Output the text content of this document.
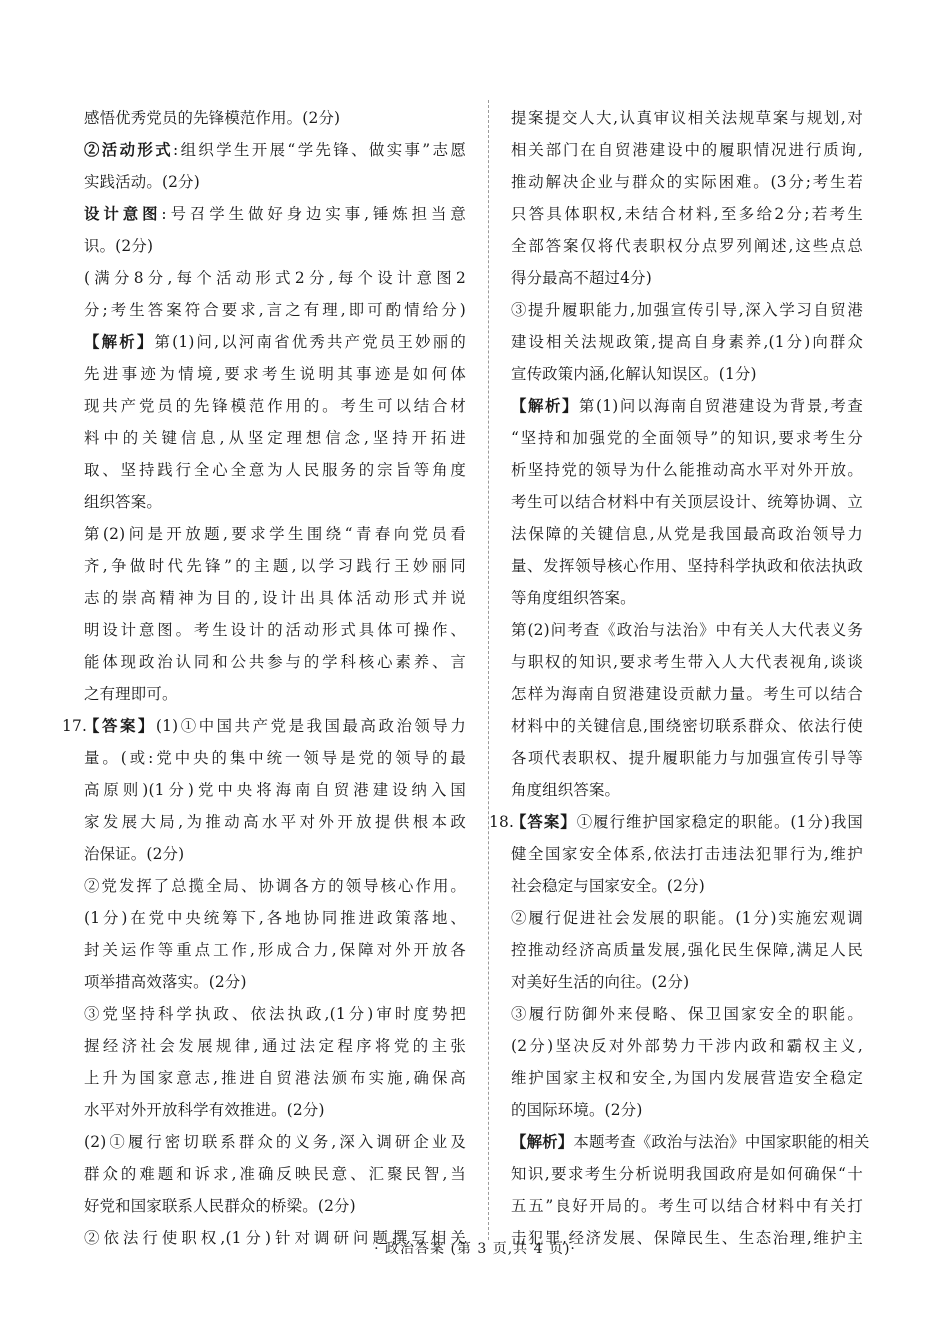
感悟优秀党员的先锋模范作用。(2分)
②活动形式:组织学生开展“学先锋、做实事”志愿
实践活动。(2分)
设计意图:号召学生做好身边实事,锤炼担当意
识。(2分)
(满分8分,每个活动形式2分,每个设计意图2
分;考生答案符合要求,言之有理,即可酌情给分)
【解析】第(1)问,以河南省优秀共产党员王妙丽的
先进事迹为情境,要求考生说明其事迹是如何体
现共产党员的先锋模范作用的。考生可以结合材
料中的关键信息,从坚定理想信念,坚持开拓进
取、坚持践行全心全意为人民服务的宗旨等角度
组织答案。
第(2)问是开放题,要求学生围绕“青春向党员看
齐,争做时代先锋”的主题,以学习践行王妙丽同
志的崇高精神为目的,设计出具体活动形式并说
明设计意图。考生设计的活动形式具体可操作、
能体现政治认同和公共参与的学科核心素养、言
之有理即可。
17.
【答案】(1)①中国共产党是我国最高政治领导力
量。(或:党中央的集中统一领导是党的领导的最
高原则)(1分)党中央将海南自贸港建设纳入国
家发展大局,为推动高水平对外开放提供根本政
治保证。(2分)
②党发挥了总揽全局、协调各方的领导核心作用。
(1分)在党中央统筹下,各地协同推进政策落地、
封关运作等重点工作,形成合力,保障对外开放各
项举措高效落实。(2分)
③党坚持科学执政、依法执政,(1分)审时度势把
握经济社会发展规律,通过法定程序将党的主张
上升为国家意志,推进自贸港法颁布实施,确保高
水平对外开放科学有效推进。(2分)
(2)①履行密切联系群众的义务,深入调研企业及
群众的难题和诉求,准确反映民意、汇聚民智,当
好党和国家联系人民群众的桥梁。(2分)
②依法行使职权,(1分)针对调研问题撰写相关
提案提交人大,认真审议相关法规草案与规划,对
相关部门在自贸港建设中的履职情况进行质询,
推动解决企业与群众的实际困难。(3分;考生若
只答具体职权,未结合材料,至多给2分;若考生
全部答案仅将代表职权分点罗列阐述,这些点总
得分最高不超过4分)
③提升履职能力,加强宣传引导,深入学习自贸港
建设相关法规政策,提高自身素养,(1分)向群众
宣传政策内涵,化解认知误区。(1分)
【解析】第(1)问以海南自贸港建设为背景,考查
“坚持和加强党的全面领导”的知识,要求考生分
析坚持党的领导为什么能推动高水平对外开放。
考生可以结合材料中有关顶层设计、统筹协调、立
法保障的关键信息,从党是我国最高政治领导力
量、发挥领导核心作用、坚持科学执政和依法执政
等角度组织答案。
第(2)问考查《政治与法治》中有关人大代表义务
与职权的知识,要求考生带入人大代表视角,谈谈
怎样为海南自贸港建设贡献力量。考生可以结合
材料中的关键信息,围绕密切联系群众、依法行使
各项代表职权、提升履职能力与加强宣传引导等
角度组织答案。
18.
【答案】①履行维护国家稳定的职能。(1分)我国
健全国家安全体系,依法打击违法犯罪行为,维护
社会稳定与国家安全。(2分)
②履行促进社会发展的职能。(1分)实施宏观调
控推动经济高质量发展,强化民生保障,满足人民
对美好生活的向往。(2分)
③履行防御外来侵略、保卫国家安全的职能。
(2分)坚决反对外部势力干涉内政和霸权主义,
维护国家主权和安全,为国内发展营造安全稳定
的国际环境。(2分)
【解析】本题考查《政治与法治》中国家职能的相关
知识,要求考生分析说明我国政府是如何确保“十
五五”良好开局的。考生可以结合材料中有关打
击犯罪,经济发展、保障民生、生态治理,维护主
· 政治答案 (第 3 页,共 4 页)·
